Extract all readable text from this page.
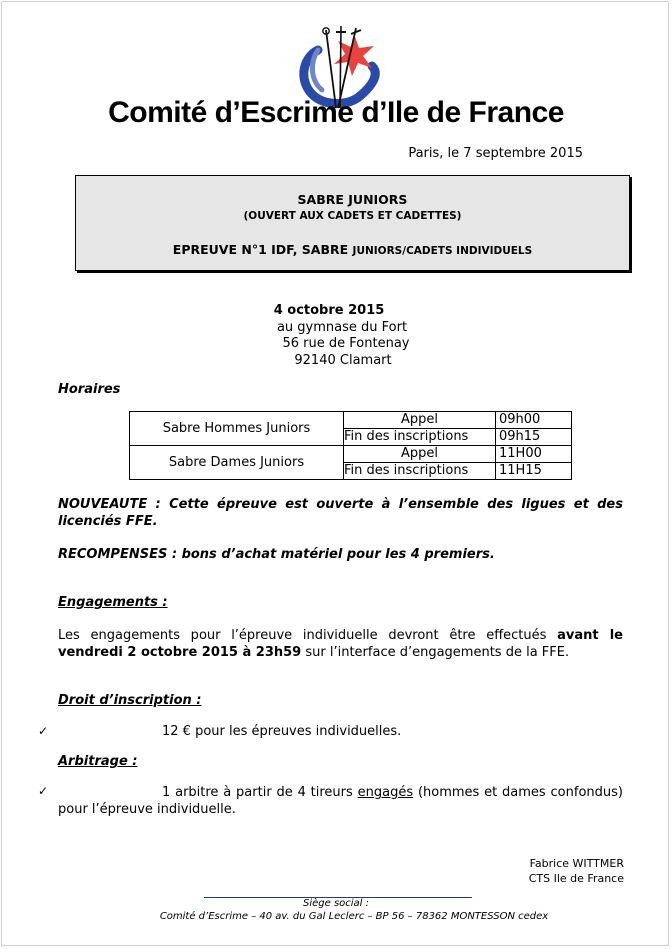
Comité d’Escrime d’Ile de France
Paris, le 7 septembre 2015
SABRE JUNIORS
(OUVERT AUX CADETS ET CADETTES)
EPREUVE N°1 IDF, SABRE JUNIORS/CADETS INDIVIDUELS
4 octobre 2015
au gymnase du Fort
56 rue de Fontenay
92140 Clamart
Horaires
Sabre Hommes Juniors	Appel	09h00
	Fin des inscriptions	09h15
Sabre Dames Juniors	Appel	11H00
	Fin des inscriptions	11H15
NOUVEAUTE : Cette épreuve est ouverte à l’ensemble des ligues et des licenciés FFE.
RECOMPENSES : bons d’achat matériel pour les 4 premiers.
Engagements :
Les engagements pour l’épreuve individuelle devront être effectués avant le vendredi 2 octobre 2015 à 23h59 sur l’interface d’engagements de la FFE.
Droit d’inscription :
✓	12 € pour les épreuves individuelles.
Arbitrage :
✓	1 arbitre à partir de 4 tireurs engagés (hommes et dames confondus) pour l’épreuve individuelle.
Fabrice WITTMER
CTS Ile de France
Siège social :
Comité d’Escrime – 40 av. du Gal Leclerc – BP 56 – 78362 MONTESSON cedex
